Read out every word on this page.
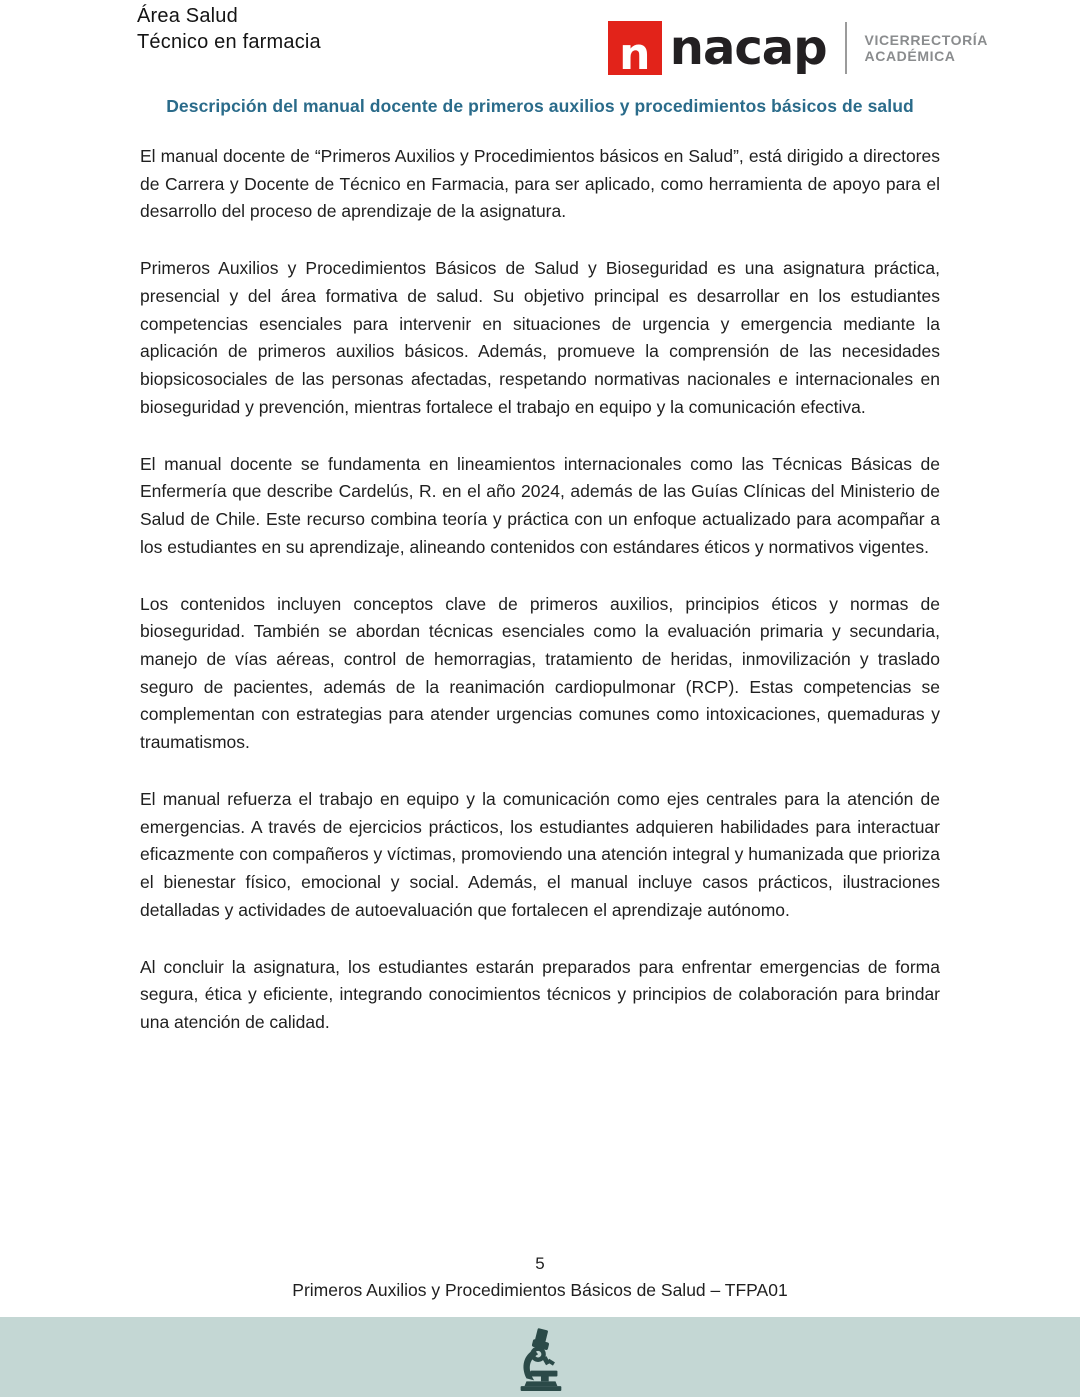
Área Salud
Técnico en farmacia	n nacap	VICERRECTORÍA
ACADÉMICA
Descripción del manual docente de primeros auxilios y procedimientos básicos de salud

El manual docente de “Primeros Auxilios y Procedimientos básicos en Salud”, está dirigido a directores de Carrera y Docente de Técnico en Farmacia, para ser aplicado, como herramienta de apoyo para el desarrollo del proceso de aprendizaje de la asignatura.

Primeros Auxilios y Procedimientos Básicos de Salud y Bioseguridad es una asignatura práctica, presencial y del área formativa de salud. Su objetivo principal es desarrollar en los estudiantes competencias esenciales para intervenir en situaciones de urgencia y emergencia mediante la aplicación de primeros auxilios básicos. Además, promueve la comprensión de las necesidades biopsicosociales de las personas afectadas, respetando normativas nacionales e internacionales en bioseguridad y prevención, mientras fortalece el trabajo en equipo y la comunicación efectiva.

El manual docente se fundamenta en lineamientos internacionales como las Técnicas Básicas de Enfermería que describe Cardelús, R. en el año 2024, además de las Guías Clínicas del Ministerio de Salud de Chile. Este recurso combina teoría y práctica con un enfoque actualizado para acompañar a los estudiantes en su aprendizaje, alineando contenidos con estándares éticos y normativos vigentes.

Los contenidos incluyen conceptos clave de primeros auxilios, principios éticos y normas de bioseguridad. También se abordan técnicas esenciales como la evaluación primaria y secundaria, manejo de vías aéreas, control de hemorragias, tratamiento de heridas, inmovilización y traslado seguro de pacientes, además de la reanimación cardiopulmonar (RCP). Estas competencias se complementan con estrategias para atender urgencias comunes como intoxicaciones, quemaduras y traumatismos.

El manual refuerza el trabajo en equipo y la comunicación como ejes centrales para la atención de emergencias. A través de ejercicios prácticos, los estudiantes adquieren habilidades para interactuar eficazmente con compañeros y víctimas, promoviendo una atención integral y humanizada que prioriza el bienestar físico, emocional y social. Además, el manual incluye casos prácticos, ilustraciones detalladas y actividades de autoevaluación que fortalecen el aprendizaje autónomo.

Al concluir la asignatura, los estudiantes estarán preparados para enfrentar emergencias de forma segura, ética y eficiente, integrando conocimientos técnicos y principios de colaboración para brindar una atención de calidad.

5
Primeros Auxilios y Procedimientos Básicos de Salud – TFPA01
